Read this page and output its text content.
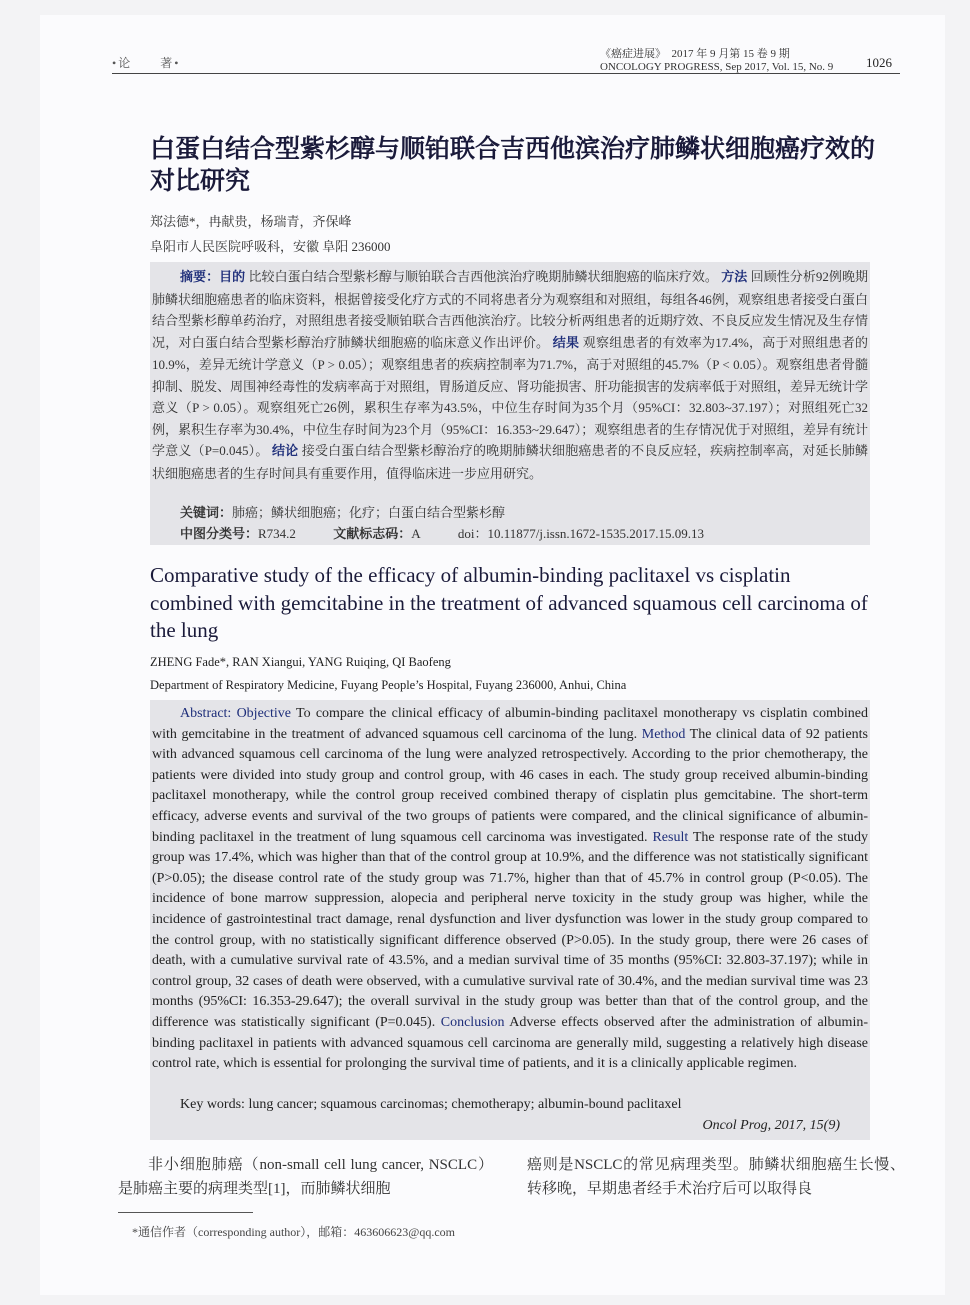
•论　　著•
《癌症进展》　2017 年 9 月第 15 卷 9 期
ONCOLOGY PROGRESS, Sep 2017, Vol. 15, No. 9	1026
白蛋白结合型紫杉醇与顺铂联合吉西他滨治疗肺鳞状细胞癌疗效的对比研究
郑法德*，冉献贵，杨瑞青，齐保峰
阜阳市人民医院呼吸科，安徽 阜阳 236000
摘要：目的 比较白蛋白结合型紫杉醇与顺铂联合吉西他滨治疗晚期肺鳞状细胞癌的临床疗效。 方法 回顾性分析92例晚期肺鳞状细胞癌患者的临床资料，根据曾接受化疗方式的不同将患者分为观察组和对照组，每组各46例，观察组患者接受白蛋白结合型紫杉醇单药治疗，对照组患者接受顺铂联合吉西他滨治疗。比较分析两组患者的近期疗效、不良反应发生情况及生存情况，对白蛋白结合型紫杉醇治疗肺鳞状细胞癌的临床意义作出评价。 结果 观察组患者的有效率为17.4%，高于对照组患者的10.9%，差异无统计学意义（P > 0.05）；观察组患者的疾病控制率为71.7%，高于对照组的45.7%（P < 0.05）。观察组患者骨髓抑制、脱发、周围神经毒性的发病率高于对照组，胃肠道反应、肾功能损害、肝功能损害的发病率低于对照组，差异无统计学意义（P > 0.05）。观察组死亡26例，累积生存率为43.5%，中位生存时间为35个月（95%CI：32.803~37.197）；对照组死亡32例，累积生存率为30.4%，中位生存时间为23个月（95%CI：16.353~29.647）；观察组患者的生存情况优于对照组，差异有统计学意义（P=0.045）。 结论 接受白蛋白结合型紫杉醇治疗的晚期肺鳞状细胞癌患者的不良反应轻，疾病控制率高，对延长肺鳞状细胞癌患者的生存时间具有重要作用，值得临床进一步应用研究。
关键词：肺癌；鳞状细胞癌；化疗；白蛋白结合型紫杉醇
中图分类号：R734.2	文献标志码：A	doi：10.11877/j.issn.1672-1535.2017.15.09.13
Comparative study of the efficacy of albumin-binding paclitaxel vs cisplatin combined with gemcitabine in the treatment of advanced squamous cell carcinoma of the lung
ZHENG Fade*, RAN Xiangui, YANG Ruiqing, QI Baofeng
Department of Respiratory Medicine, Fuyang People’s Hospital, Fuyang 236000, Anhui, China
Abstract: Objective To compare the clinical efficacy of albumin-binding paclitaxel monotherapy vs cisplatin combined with gemcitabine in the treatment of advanced squamous cell carcinoma of the lung. Method The clinical data of 92 patients with advanced squamous cell carcinoma of the lung were analyzed retrospectively. According to the prior chemotherapy, the patients were divided into study group and control group, with 46 cases in each. The study group received albumin-binding paclitaxel monotherapy, while the control group received combined therapy of cisplatin plus gemcitabine. The short-term efficacy, adverse events and survival of the two groups of patients were compared, and the clinical significance of albumin-binding paclitaxel in the treatment of lung squamous cell carcinoma was investigated. Result The response rate of the study group was 17.4%, which was higher than that of the control group at 10.9%, and the difference was not statistically significant (P>0.05); the disease control rate of the study group was 71.7%, higher than that of 45.7% in control group (P<0.05). The incidence of bone marrow suppression, alopecia and peripheral nerve toxicity in the study group was higher, while the incidence of gastrointestinal tract damage, renal dysfunction and liver dysfunction was lower in the study group compared to the control group, with no statistically significant difference observed (P>0.05). In the study group, there were 26 cases of death, with a cumulative survival rate of 43.5%, and a median survival time of 35 months (95%CI: 32.803-37.197); while in control group, 32 cases of death were observed, with a cumulative survival rate of 30.4%, and the median survival time was 23 months (95%CI: 16.353-29.647); the overall survival in the study group was better than that of the control group, and the difference was statistically significant (P=0.045). Conclusion Adverse effects observed after the administration of albumin-binding paclitaxel in patients with advanced squamous cell carcinoma are generally mild, suggesting a relatively high disease control rate, which is essential for prolonging the survival time of patients, and it is a clinically applicable regimen.
Key words: lung cancer; squamous carcinomas; chemotherapy; albumin-bound paclitaxel
Oncol Prog, 2017, 15(9)
非小细胞肺癌（non-small cell lung cancer, NSCLC）是肺癌主要的病理类型[1]，而肺鳞状细胞
癌则是NSCLC的常见病理类型。肺鳞状细胞癌生长慢、转移晚，早期患者经手术治疗后可以取得良
*通信作者（corresponding author），邮箱：463606623@qq.com
